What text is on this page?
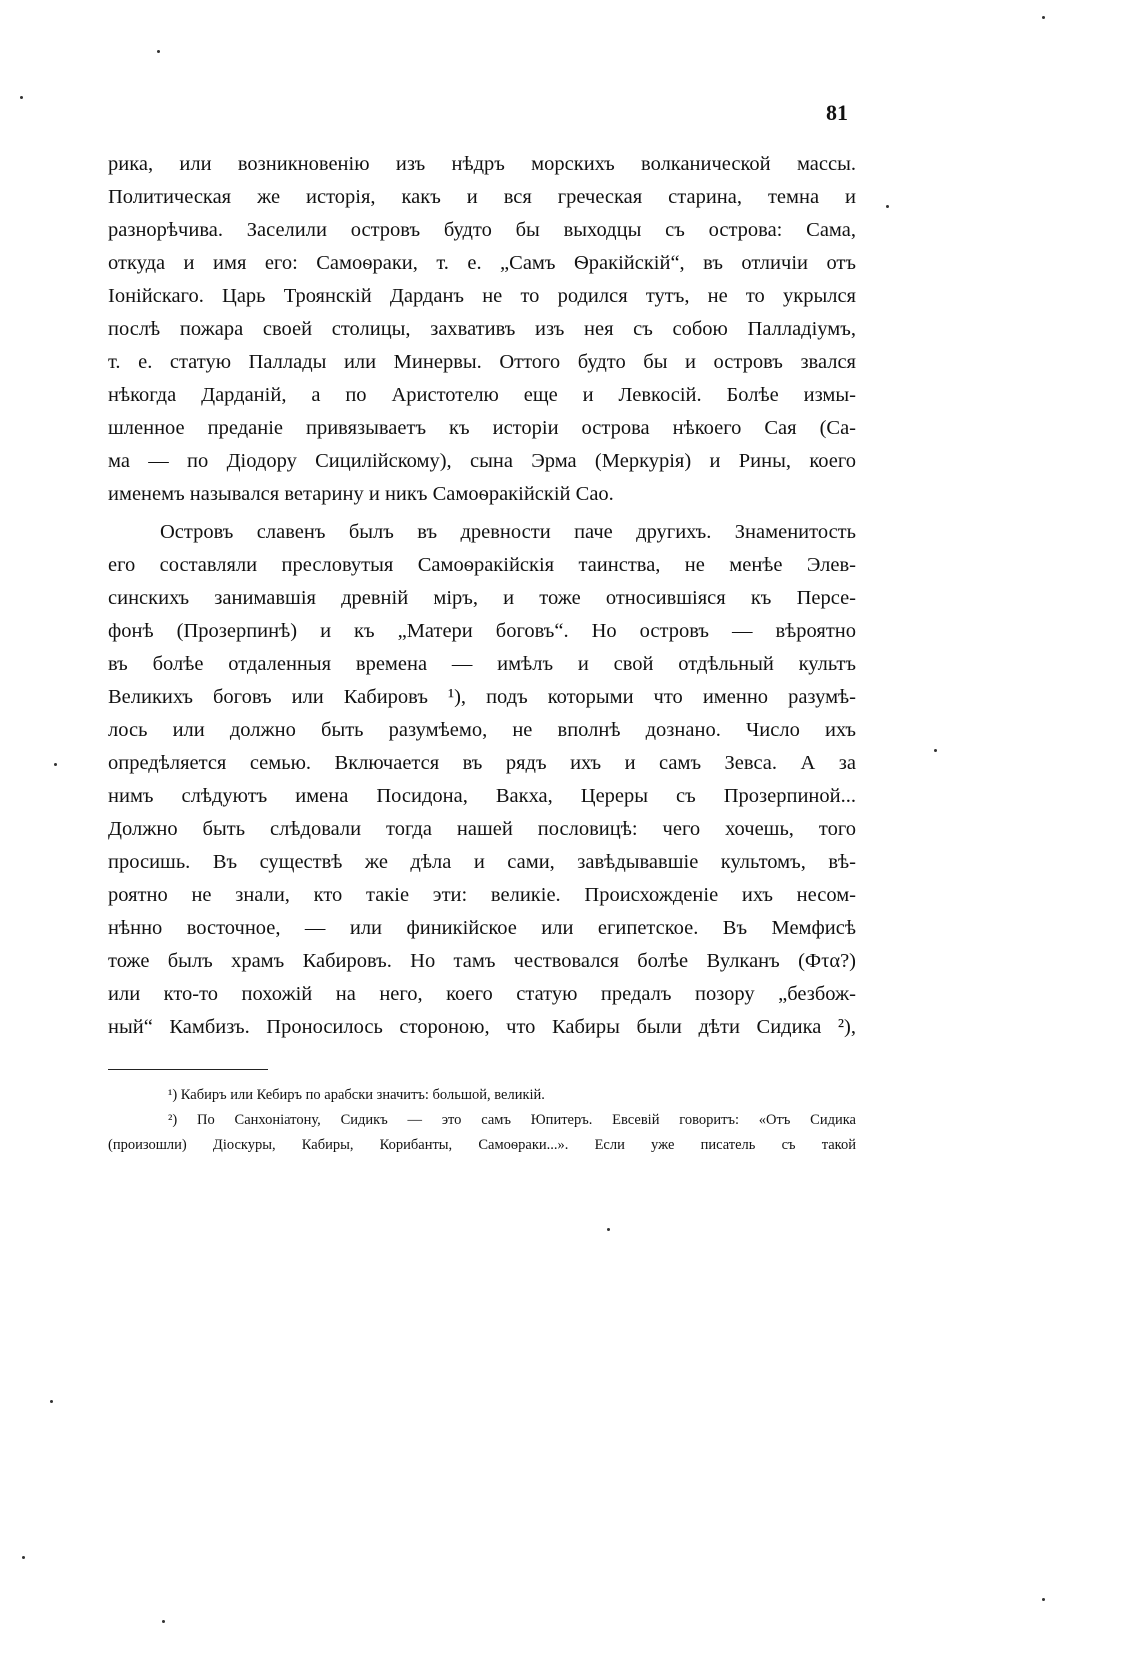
81
рика, или возникновенію изъ нѣдръ морскихъ волканической массы.
Политическая же исторія, какъ и вся греческая старина, темна и
разнорѣчива. Заселили островъ будто бы выходцы съ острова: Сама,
откуда и имя его: Самоѳраки, т. е. „Самъ Ѳракійскій“, въ отличіи отъ
Іонійскаго. Царь Троянскій Дарданъ не то родился тутъ, не то укрылся
послѣ пожара своей столицы, захвативъ изъ нея съ собою Палладіумъ,
т. е. статую Паллады или Минервы. Оттого будто бы и островъ звался
нѣкогда Дарданій, а по Аристотелю еще и Левкосій. Болѣе измы-
шленное преданіе привязываетъ къ исторіи острова нѣкоего Сая (Са-
ма — по Діодору Сицилійскому), сына Эрма (Меркурія) и Рины, коего
именемъ назывался ветарину и никъ Самоѳракійскій Сао.
Островъ славенъ былъ въ древности паче другихъ. Знаменитость
его составляли пресловутыя Самоѳракійскія таинства, не менѣе Элев-
синскихъ занимавшія древній міръ, и тоже относившіяся къ Персе-
фонѣ (Прозерпинѣ) и къ „Матери боговъ“. Но островъ — вѣроятно
въ болѣе отдаленныя времена — имѣлъ и свой отдѣльный культъ
Великихъ боговъ или Кабировъ ¹), подъ которыми что именно разумѣ-
лось или должно быть разумѣемо, не вполнѣ дознано. Число ихъ
опредѣляется семью. Включается въ рядъ ихъ и самъ Зевса. А за
нимъ слѣдуютъ имена Посидона, Вакха, Цереры съ Прозерпиной...
Должно быть слѣдовали тогда нашей пословицѣ: чего хочешь, того
просишь. Въ сущеcтвѣ же дѣла и сами, завѣдывавшіе культомъ, вѣ-
роятно не знали, кто такіе эти: великіе. Происхожденіе ихъ несом-
нѣнно восточное, — или финикійское или египетское. Въ Мемфисѣ
тоже былъ храмъ Кабировъ. Но тамъ чествовался болѣе Вулканъ (Фτα?)
или кто-то похожій на него, коего статую предалъ позору „безбож-
ный“ Камбизъ. Проносилось стороною, что Кабиры были дѣти Сидика ²),
¹) Кабиръ или Кебиръ по арабски значитъ: большой, великій.
²) По Санхоніатону, Сидикъ — это самъ Юпитеръ. Евсевій говоритъ: «Отъ Сидика
(произошли) Діоскуры, Кабиры, Корибанты, Самоѳраки...». Если уже писатель съ такой
